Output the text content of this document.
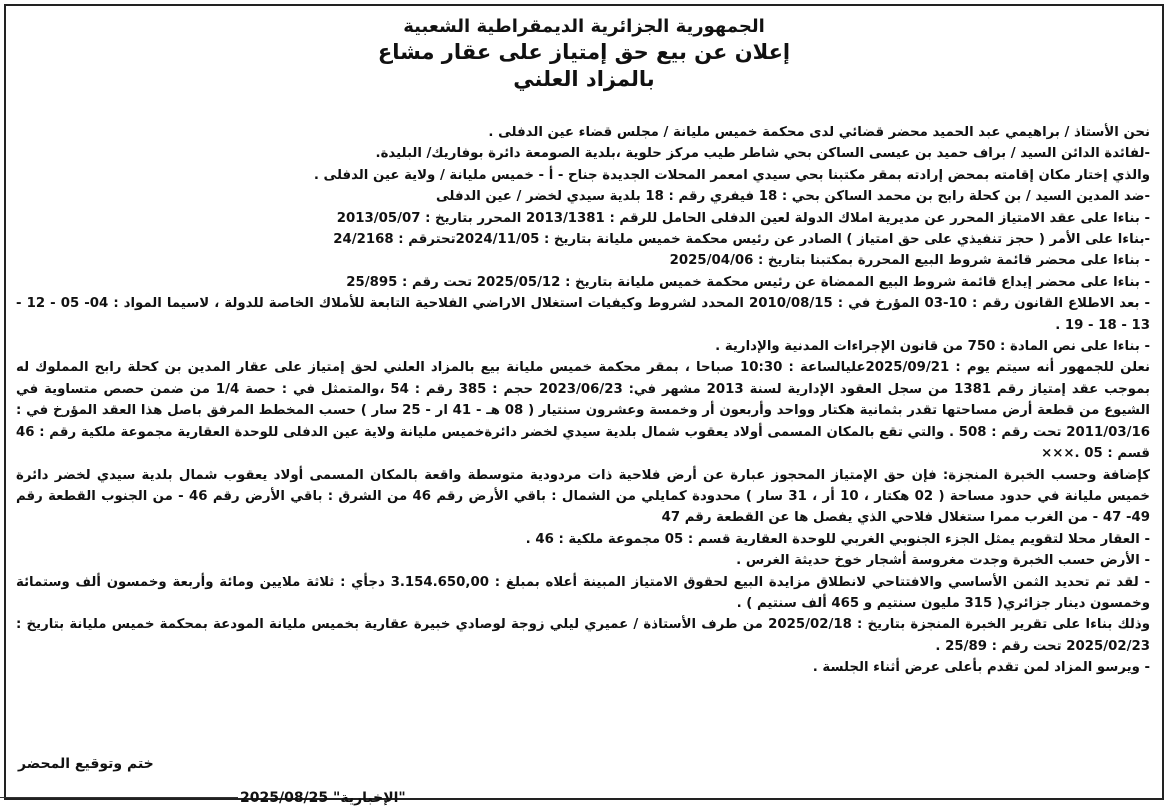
الجمهورية الجزائرية الديمقراطية الشعبية

إعلان عن بيع حق إمتياز على عقار مشاع

بالمزاد العلني

نحن الأستاذ / براهيمي عبد الحميد محضر قضائي لدى محكمة خميس مليانة / مجلس قضاء عين الدفلى .

-لفائدة الدائن السيد / براف حميد بن عيسى الساكن بحي شاطر طيب مركز حلوية ،بلدية الصومعة دائرة بوفاريك/ البليدة.

والذي إختار مكان إقامته بمحض إرادته بمقر مكتبنا بحي سيدي امعمر المحلات الجديدة جناح - أ - خميس مليانة / ولاية عين الدفلى .

-ضد المدين السيد / بن كحلة رابح بن محمد الساكن بحي : 18 فيفري رقم : 18 بلدية سيدي لخضر / عين الدفلى

- بناءا على عقد الامتياز المحرر عن مديرية املاك الدولة لعين الدفلى الحامل للرقم : 2013/1381 المحرر بتاريخ : 2013/05/07

-بناءا على الأمر ( حجز تنفيذي على حق امتياز ) الصادر عن رئيس محكمة خميس مليانة بتاريخ : 2024/11/05تحترقم : 24/2168

- بناءا على محضر قائمة شروط البيع المحررة بمكتبنا بتاريخ : 2025/04/06

- بناءا على محضر إيداع قائمة شروط البيع الممضاة عن رئيس محكمة خميس مليانة بتاريخ : 2025/05/12 تحت رقم : 25/895

- بعد الاطلاع القانون رقم : 10-03 المؤرخ في : 2010/08/15 المحدد لشروط وكيفيات استغلال الاراضي الفلاحية التابعة للأملاك الخاصة للدولة ، لاسيما المواد : 04- 05 - 12 - 13 - 18 - 19 .

- بناءا على نص المادة : 750 من قانون الإجراءات المدنية والإدارية .

نعلن للجمهور أنه سيتم يوم : 2025/09/21عليالساعة : 10:30 صباحا ، بمقر محكمة خميس مليانة بيع بالمزاد العلني لحق إمتياز على عقار المدين بن كحلة رابح المملوك له بموجب عقد إمتياز رقم 1381 من سجل العقود الإدارية لسنة 2013 مشهر في: 2023/06/23 حجم : 385 رقم : 54 ،والمتمثل في : حصة 1/4 من ضمن حصص متساوية في الشيوع من قطعة أرض مساحتها تقدر بثمانية هكتار وواحد وأربعون أر وخمسة وعشرون سنتيار ( 08 هـ - 41 ار - 25 سار ) حسب المخطط المرفق باصل هذا العقد المؤرخ في : 2011/03/16 تحت رقم : 508 . والتي تقع بالمكان المسمى أولاد يعقوب شمال بلدية سيدي لخضر دائرةخميس مليانة ولاية عين الدفلى للوحدة العقارية مجموعة ملكية رقم : 46 قسم : 05 .×××

كإضافة وحسب الخبرة المنجزة: فإن حق الإمتياز المحجوز عبارة عن أرض فلاحية ذات مردودية متوسطة واقعة بالمكان المسمى أولاد يعقوب شمال بلدية سيدي لخضر دائرة خميس مليانة في حدود مساحة ( 02 هكتار ، 10 أر ، 31 سار ) محدودة كمايلي من الشمال : باقي الأرض رقم 46 من الشرق : باقي الأرض رقم 46 - من الجنوب القطعة رقم 49- 47 - من الغرب ممرا ستغلال فلاحي الذي يفصل ها عن القطعة رقم 47

- العقار محلا لتقويم يمثل الجزء الجنوبي الغربي للوحدة العقارية قسم : 05 مجموعة ملكية : 46 .

- الأرض حسب الخبرة وجدت مغروسة أشجار خوخ حديثة الغرس .

- لقد تم تحديد الثمن الأساسي والافتتاحي لانطلاق مزايدة البيع لحقوق الامتياز المبينة أعلاه بمبلغ : 3.154.650,00 دجأي : ثلاثة ملايين ومائة وأربعة وخمسون ألف وستمائة وخمسون دينار جزائري( 315 مليون سنتيم و 465 ألف سنتيم ) .

وذلك بناءا على تقرير الخبرة المنجزة بتاريخ : 2025/02/18 من طرف الأستاذة / عميري ليلي زوجة لوصادي خبيرة عقارية بخميس مليانة المودعة بمحكمة خميس مليانة بتاريخ : 2025/02/23 تحت رقم : 25/89 .

- ويرسو المزاد لمن تقدم بأعلى عرض أثناء الجلسة .

ختم وتوقيع المحضر
"الإخبارية" 2025/08/25
